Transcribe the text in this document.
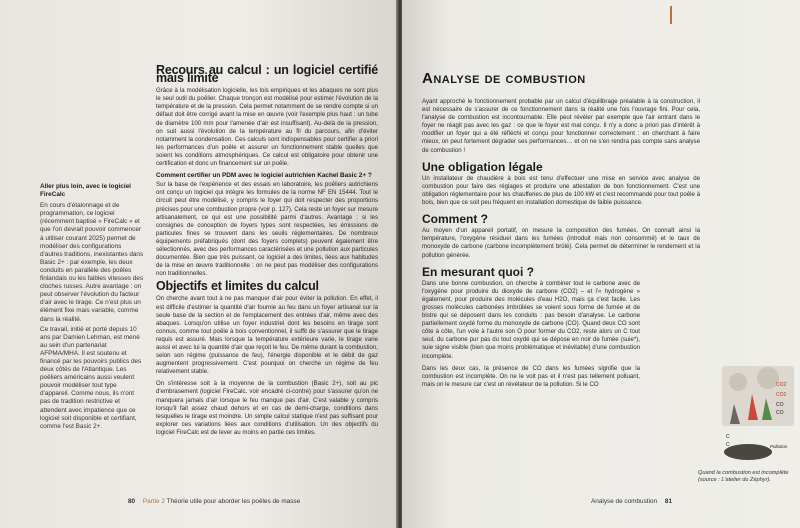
Aller plus loin, avec le logiciel FireCalc

En cours d'étalonnage et de programmation, ce logiciel (récemment baptisé « FireCalc » et que l'on devrait pouvoir commencer à utiliser courant 2025) permet de modéliser des configurations d'autres traditions, inexistantes dans Basic 2+ : par exemple, les deux conduits en parallèle des poêles finlandais ou les faibles vitesses des cloches russes. Autre avantage : on peut observer l'évolution du facteur d'air avec le tirage. Ce n'est plus un élément fixe mais variable, comme dans la réalité.

Ce travail, initié et porté depuis 10 ans par Damien Lehman, est mené au sein d'un partenariat AFPMA/MHA. Il est soutenu et financé par les pouvoirs publics des deux côtés de l'Atlantique. Les poêliers américains aussi veulent pouvoir modéliser tout type d'appareil. Comme nous, ils n'ont pas de tradition restrictive et attendent avec impatience que ce logiciel soit disponible et certifiant, comme l'est Basic 2+.

Recours au calcul : un logiciel certifié mais limité

Grâce à la modélisation logicielle, les lois empiriques et les abaques ne sont plus le seul outil du poêlier. Chaque tronçon est modélisé pour estimer l'évolution de la température et de la pression. Cela permet notamment de se rendre compte si un défaut doit être corrigé avant la mise en œuvre (voir l'exemple plus haut : un tube de diamètre 100 mm pour l'amenée d'air est insuffisant). Au-delà de la pression, on suit aussi l'évolution de la température au fil du parcours, afin d'éviter notamment la condensation. Ces calculs sont indispensables pour certifier a priori les performances d'un poêle et assurer un fonctionnement stable quelles que soient les conditions atmosphériques. Ce calcul est obligatoire pour obtenir une certification et donc un financement sur un poêle.

Comment certifier un PDM avec le logiciel autrichien Kachel Basic 2+ ?

Sur la base de l'expérience et des essais en laboratoire, les poêliers autrichiens ont conçu un logiciel qui intègre les formules de la norme NF EN 15444. Tout le circuit peut être modélisé, y compris le foyer qui doit respecter des proportions précises pour une combustion propre (voir p. 127). Cela reste un foyer sur mesure artisanalement, ce qui est une possibilité parmi d'autres. Avantage : si les consignes de conception de foyers types sont respectées, les émissions de particules fines se trouvent dans les seuils réglementaires. De nombreux équipements préfabriqués (dont des foyers complets) peuvent également être sélectionnés, avec des performances caractérisées et une pollution aux particules documentée. Bien que très puissant, ce logiciel a des limites, liées aux habitudes de la mise en œuvre traditionnelle : on ne peut pas modéliser des configurations non traditionnelles.

Objectifs et limites du calcul

On cherche avant tout à ne pas manquer d'air pour éviter la pollution. En effet, il est difficile d'estimer la quantité d'air fournie au feu dans un foyer artisanal sur la seule base de la section et de l'emplacement des entrées d'air, même avec des abaques. Lorsqu'on utilise un foyer industriel dont les besoins en tirage sont connus, comme tout poêle à bois conventionnel, il suffit de s'assurer que le tirage requis est assuré. Mais lorsque la température extérieure varie, le tirage varie aussi et avec lui la quantité d'air que reçoit le feu. De même durant la combustion, selon son régime (puissance de feu), l'énergie disponible et le débit de gaz augmentent progressivement. C'est pourquoi on cherche un régime de feu relativement stable.

On s'intéresse soit à la moyenne de la combustion (Basic 2+), soit au pic d'embrasement (logiciel FireCalc, voir encadré ci-contre) pour s'assurer qu'on ne manquera jamais d'air lorsque le feu manque pas d'air. C'est valable y compris lorsqu'il fait assez chaud dehors et en cas de demi-charge, conditions dans lesquelles le tirage est moindre. Un simple calcul statique n'est pas suffisant pour explorer ces variations liées aux conditions d'utilisation. Un des objectifs du logiciel FireCalc est de lever au moins en partie ces limites.

80 Partie 2 Théorie utile pour aborder les poêles de masse
Analyse de combustion

Ayant approché le fonctionnement probable par un calcul d'équilibrage préalable à la construction, il est nécessaire de s'assurer de ce fonctionnement dans la réalité une fois l'ouvrage fini. Pour cela, l'analyse de combustion est incontournable. Elle peut révéler par exemple que l'air entrant dans le foyer ne réagit pas avec les gaz : ce que le foyer est mal conçu. Il n'y a donc a priori pas d'intérêt à modifier un foyer qui a été réfléchi et conçu pour fonctionner correctement : en cherchant à faire mieux, on peut fortement dégrader ses performances… et on ne s'en rendra pas compte sans analyse de combustion !

Une obligation légale

Un installateur de chaudière à bois est tenu d'effectuer une mise en service avec analyse de combustion pour faire des réglages et produire une attestation de bon fonctionnement. C'est une obligation réglementaire pour les chaufferies de plus de 100 kW et c'est recommandé pour tout poêle à bois, bien que ce soit peu fréquent en installation domestique de faible puissance.

Comment ?

Au moyen d'un appareil portatif, on mesure la composition des fumées. On connaît ainsi la température, l'oxygène résiduel dans les fumées (introduit mais non consommé) et le taux de monoxyde de carbone (carbone incomplètement brûlé). Cela permet de déterminer le rendement et la pollution générée.

En mesurant quoi ?

Dans une bonne combustion, on cherche à combiner tout le carbone avec de l'oxygène pour produire du dioxyde de carbone (CO2) – et l'« hydrogène » également, pour produire des molécules d'eau H2O, mais ça c'est facile. Les grosses molécules carbonées imbrûlées se voient sous forme de fumée et de bistre qui se déposent dans les conduits : pas besoin d'analyse. Le carbone partiellement oxydé forme du monoxyde de carbone (CO). Quand deux CO sont côte à côte, l'un vole à l'autre son O pour former du CO2, reste alors un C tout seul, du carbone pur pas du tout oxydé qui se dépose en noir de fumée (suie*), suie signe visible (bien que moins problématique et inévitable) d'une combustion incomplète.

Dans les deux cas, la présence de CO dans les fumées signifie que la combustion est incomplète. On ne le voit pas et il n'est pas tellement polluant, mais on le mesure car c'est un révélateur de la pollution. Si le CO	CO2
CO2
C
C
CO
CO
Pollution
Quand la combustion est incomplète (source : L'atelier du Zéphyr).
Analyse de combustion 81
